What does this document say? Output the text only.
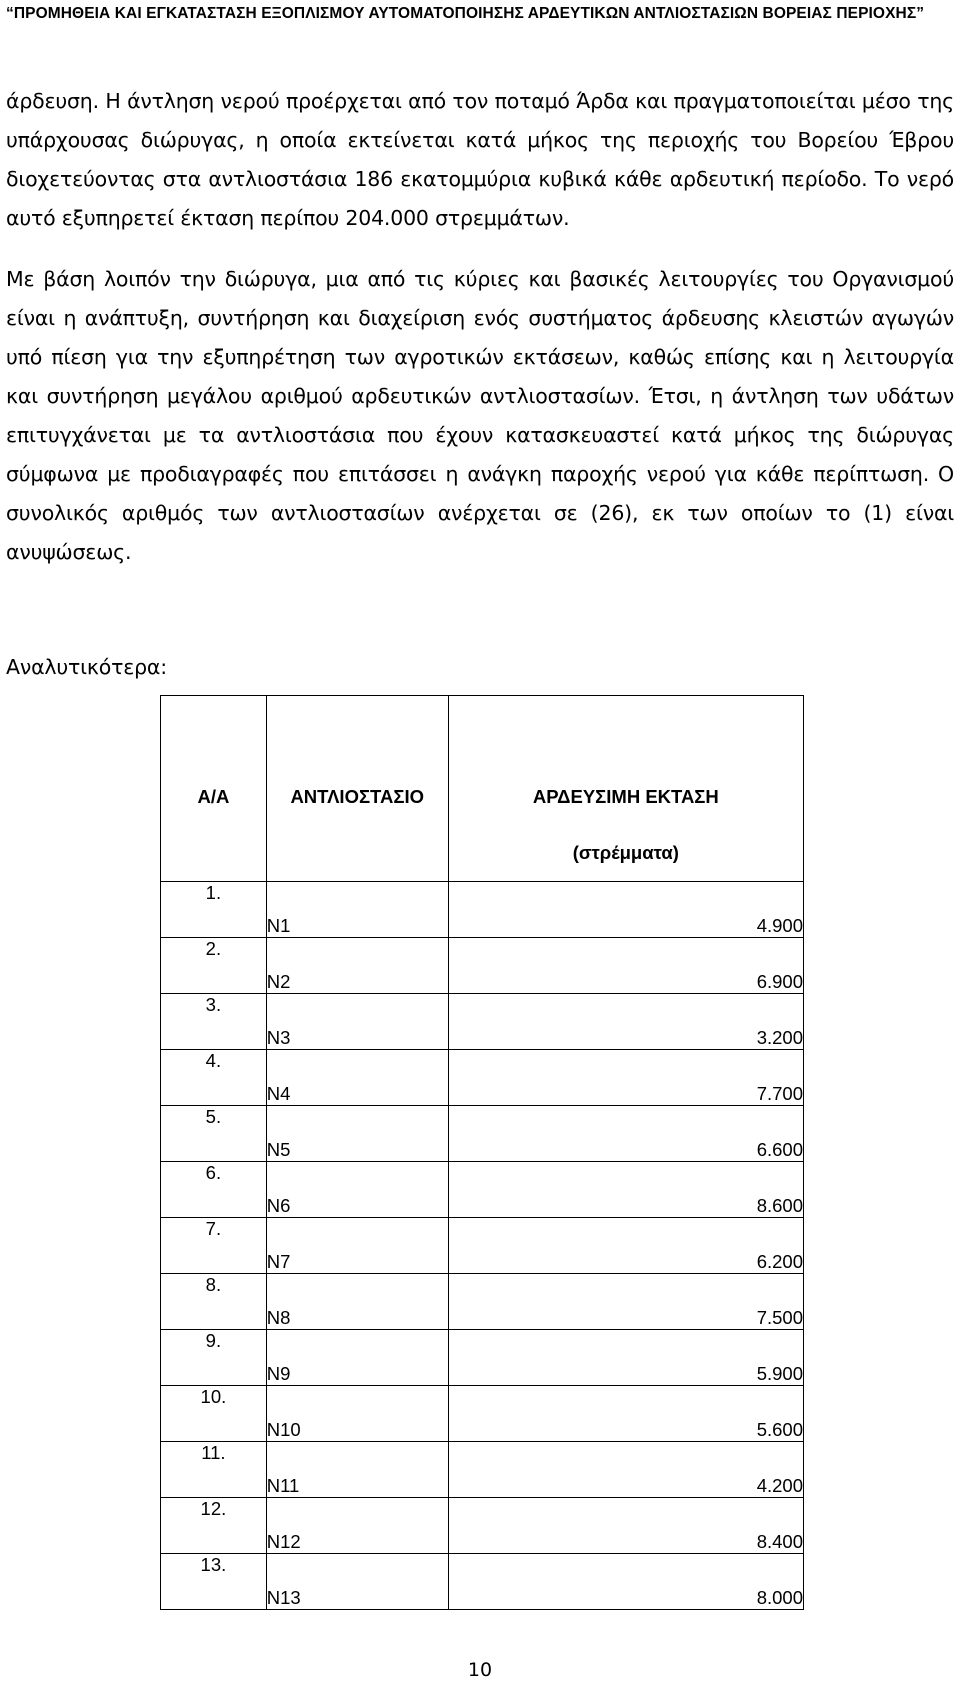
“ΠΡΟΜΗΘΕΙΑ ΚΑΙ ΕΓΚΑΤΑΣΤΑΣΗ ΕΞΟΠΛΙΣΜΟΥ ΑΥΤΟΜΑΤΟΠΟΙΗΣΗΣ ΑΡΔΕΥΤΙΚΩΝ ΑΝΤΛΙΟΣΤΑΣΙΩΝ ΒΟΡΕΙΑΣ ΠΕΡΙΟΧΗΣ”
άρδευση. Η άντληση νερού προέρχεται από τον ποταμό Άρδα και πραγματοποιείται μέσο της υπάρχουσας διώρυγας, η οποία εκτείνεται κατά μήκος της περιοχής του Βορείου Έβρου διοχετεύοντας στα αντλιοστάσια 186 εκατομμύρια κυβικά κάθε αρδευτική περίοδο. Το νερό αυτό εξυπηρετεί έκταση περίπου 204.000 στρεμμάτων.
Με βάση λοιπόν την διώρυγα, μια από τις κύριες και βασικές λειτουργίες του Οργανισμού είναι η ανάπτυξη, συντήρηση και διαχείριση ενός συστήματος άρδευσης κλειστών αγωγών υπό πίεση για την εξυπηρέτηση των αγροτικών εκτάσεων, καθώς επίσης και η λειτουργία και συντήρηση μεγάλου αριθμού αρδευτικών αντλιοστασίων. Έτσι, η άντληση των υδάτων επιτυγχάνεται με τα αντλιοστάσια που έχουν κατασκευαστεί κατά μήκος της διώρυγας σύμφωνα με προδιαγραφές που επιτάσσει η ανάγκη παροχής νερού για κάθε περίπτωση. Ο συνολικός αριθμός των αντλιοστασίων ανέρχεται σε (26), εκ των οποίων το (1) είναι ανυψώσεως.
Αναλυτικότερα:
Α/Α	ΑΝΤΛΙΟΣΤΑΣΙΟ	ΑΡΔΕΥΣΙΜΗ ΕΚΤΑΣΗ
(στρέμματα)

1.	Ν1	4.900
2.	Ν2	6.900
3.	Ν3	3.200
4.	Ν4	7.700
5.	Ν5	6.600
6.	Ν6	8.600
7.	Ν7	6.200
8.	Ν8	7.500
9.	Ν9	5.900
10.	Ν10	5.600
11.	Ν11	4.200
12.	Ν12	8.400
13.	Ν13	8.000
10
